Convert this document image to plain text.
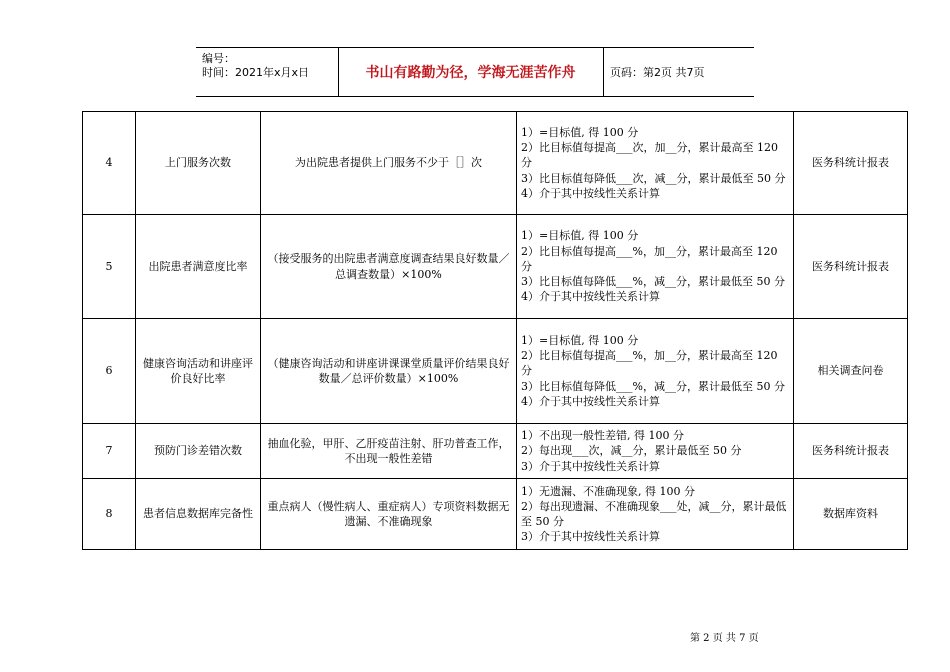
编号：
时间：2021年x月x日	书山有路勤为径，学海无涯苦作舟	页码：第2页 共7页
4	上门服务次数	为出院患者提供上门服务不少于［］次	1）=目标值, 得 100 分
2）比目标值每提高___次，加__分，累计最高至 120 分
3）比目标值每降低___次，减__分，累计最低至 50 分
4）介于其中按线性关系计算	医务科统计报表
5	出院患者满意度比率	（接受服务的出院患者满意度调查结果良好数量／总调查数量）×100%	1）=目标值, 得 100 分
2）比目标值每提高___%，加__分，累计最高至 120 分
3）比目标值每降低___%，减__分，累计最低至 50 分
4）介于其中按线性关系计算	医务科统计报表
6	健康咨询活动和讲座评价良好比率	（健康咨询活动和讲座讲课课堂质量评价结果良好数量／总评价数量）×100%	1）=目标值, 得 100 分
2）比目标值每提高___%，加__分，累计最高至 120 分
3）比目标值每降低___%，减__分，累计最低至 50 分
4）介于其中按线性关系计算	相关调查问卷
7	预防门诊差错次数	抽血化验，甲肝、乙肝疫苗注射、肝功普查工作，不出现一般性差错	1）不出现一般性差错, 得 100 分
2）每出现___次，减__分，累计最低至 50 分
3）介于其中按线性关系计算	医务科统计报表
8	患者信息数据库完备性	重点病人（慢性病人、重症病人）专项资料数据无遗漏、不准确现象	1）无遗漏、不准确现象, 得 100 分
2）每出现遗漏、不准确现象___处，减__分，累计最低至 50 分
3）介于其中按线性关系计算	数据库资料
第 2 页 共 7 页
